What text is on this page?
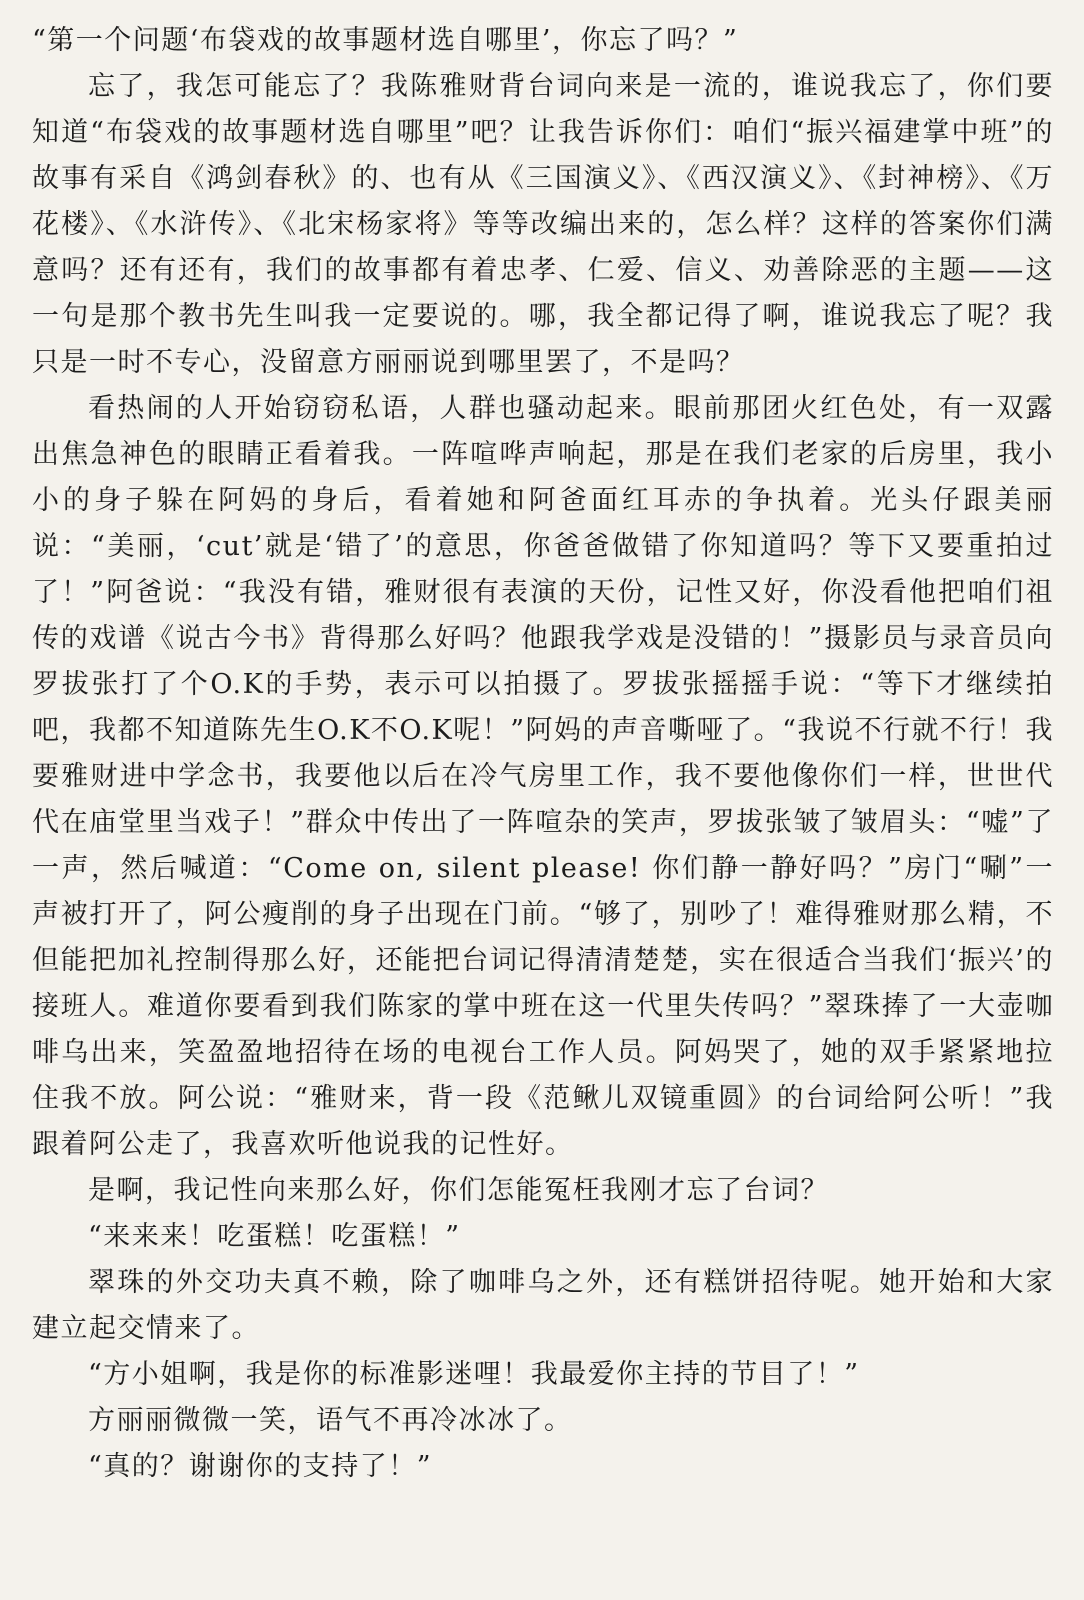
“第一个问题‘布袋戏的故事题材选自哪里’，你忘了吗？”

忘了，我怎可能忘了？我陈雅财背台词向来是一流的，谁说我忘了，你们要知道“布袋戏的故事题材选自哪里”吧？让我告诉你们：咱们“振兴福建掌中班”的故事有采自《鸿剑春秋》的、也有从《三国演义》、《西汉演义》、《封神榜》、《万花楼》、《水浒传》、《北宋杨家将》等等改编出来的，怎么样？这样的答案你们满意吗？还有还有，我们的故事都有着忠孝、仁爱、信义、劝善除恶的主题——这一句是那个教书先生叫我一定要说的。哪，我全都记得了啊，谁说我忘了呢？我只是一时不专心，没留意方丽丽说到哪里罢了，不是吗？

看热闹的人开始窃窃私语，人群也骚动起来。眼前那团火红色处，有一双露出焦急神色的眼睛正看着我。一阵喧哗声响起，那是在我们老家的后房里，我小小的身子躲在阿妈的身后，看着她和阿爸面红耳赤的争执着。光头仔跟美丽说：“美丽，‘cut’就是‘错了’的意思，你爸爸做错了你知道吗？等下又要重拍过了！”阿爸说：“我没有错，雅财很有表演的天份，记性又好，你没看他把咱们祖传的戏谱《说古今书》背得那么好吗？他跟我学戏是没错的！”摄影员与录音员向罗拔张打了个O.K的手势，表示可以拍摄了。罗拔张摇摇手说：“等下才继续拍吧，我都不知道陈先生O.K不O.K呢！”阿妈的声音嘶哑了。“我说不行就不行！我要雅财进中学念书，我要他以后在冷气房里工作，我不要他像你们一样，世世代代在庙堂里当戏子！”群众中传出了一阵喧杂的笑声，罗拔张皱了皱眉头：“嘘”了一声，然后喊道：“Come on, silent please! 你们静一静好吗？”房门“唰”一声被打开了，阿公瘦削的身子出现在门前。“够了，别吵了！难得雅财那么精，不但能把加礼控制得那么好，还能把台词记得清清楚楚，实在很适合当我们‘振兴’的接班人。难道你要看到我们陈家的掌中班在这一代里失传吗？”翠珠捧了一大壶咖啡乌出来，笑盈盈地招待在场的电视台工作人员。阿妈哭了，她的双手紧紧地拉住我不放。阿公说：“雅财来，背一段《范鳅儿双镜重圆》的台词给阿公听！”我跟着阿公走了，我喜欢听他说我的记性好。

是啊，我记性向来那么好，你们怎能冤枉我刚才忘了台词？

“来来来！吃蛋糕！吃蛋糕！”

翠珠的外交功夫真不赖，除了咖啡乌之外，还有糕饼招待呢。她开始和大家建立起交情来了。

“方小姐啊，我是你的标准影迷哩！我最爱你主持的节目了！”

方丽丽微微一笑，语气不再冷冰冰了。

“真的？谢谢你的支持了！”
